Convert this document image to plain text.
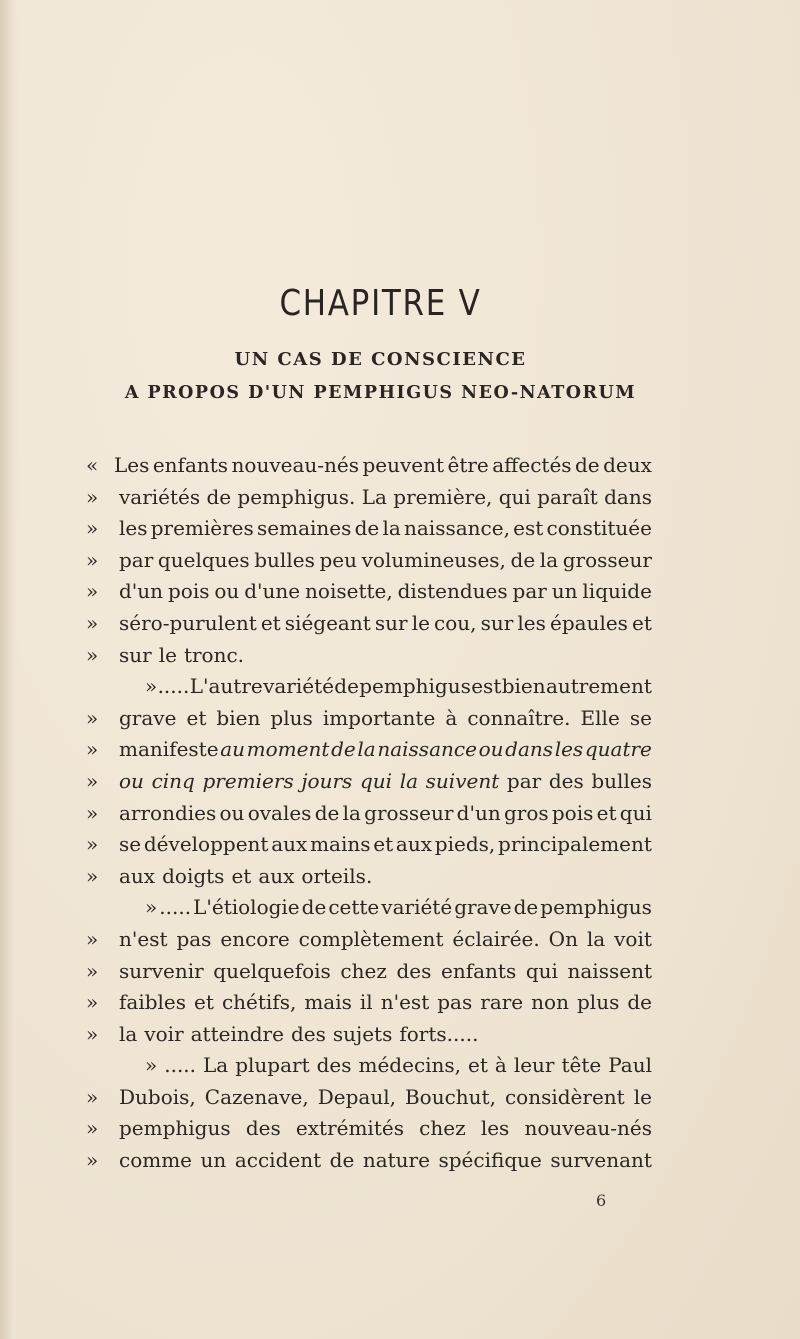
CHAPITRE V
UN CAS DE CONSCIENCE
A PROPOS D'UN PEMPHIGUS NEO-NATORUM
« Les enfants nouveau-nés peuvent être affectés de deux
»	variétés de pemphigus. La première, qui paraît dans
»	les premières semaines de la naissance, est constituée
»	par quelques bulles peu volumineuses, de la grosseur
»	d'un pois ou d'une noisette, distendues par un liquide
»	séro-purulent et siégeant sur le cou, sur les épaules et
»	sur le tronc.
» ..... L'autre variété de pemphigus est bien autrement
»	grave et bien plus importante à connaître. Elle se
»	manifeste au moment de la naissance ou dans les quatre
»	ou cinq premiers jours qui la suivent par des bulles
»	arrondies ou ovales de la grosseur d'un gros pois et qui
»	se développent aux mains et aux pieds, principalement
»	aux doigts et aux orteils.
» ..... L'étiologie de cette variété grave de pemphigus
»	n'est pas encore complètement éclairée. On la voit
»	survenir quelquefois chez des enfants qui naissent
»	faibles et chétifs, mais il n'est pas rare non plus de
»	la voir atteindre des sujets forts.....
» ..... La plupart des médecins, et à leur tête Paul
»	Dubois, Cazenave, Depaul, Bouchut, considèrent le
»	pemphigus des extrémités chez les nouveau-nés
»	comme un accident de nature spécifique survenant
6
